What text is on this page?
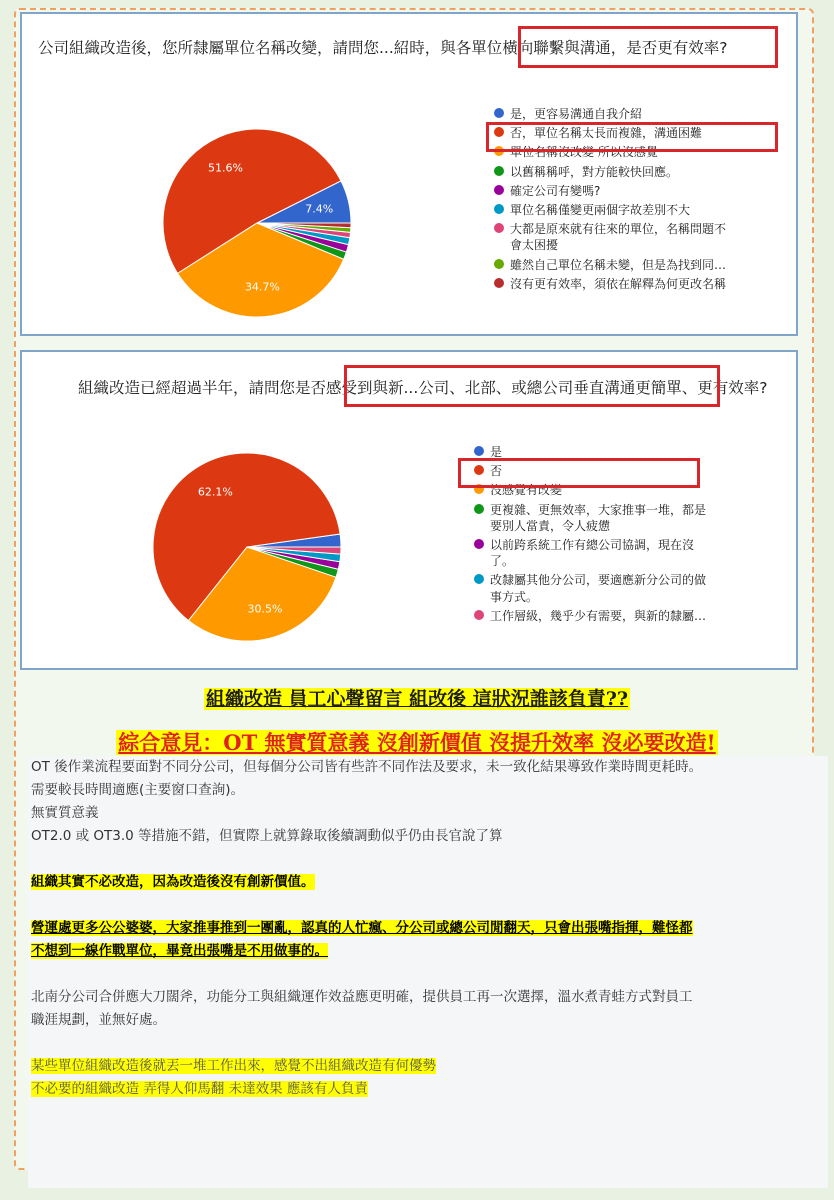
公司組織改造後，您所隸屬單位名稱改變，請問您...紹時，與各單位橫向聯繫與溝通，是否更有效率?
7.4%
51.6%
34.7%
是，更容易溝通自我介紹
否，單位名稱太長而複雜，溝通困難
單位名稱沒改變 所以沒感覺
以舊稱稱呼，對方能較快回應。
確定公司有變嗎?
單位名稱僅變更兩個字故差別不大
大都是原來就有往來的單位，名稱問題不
會太困擾
雖然自己單位名稱未變，但是為找到同…
沒有更有效率，須依在解釋為何更改名稱
組織改造已經超過半年，請問您是否感受到與新...公司、北部、或總公司垂直溝通更簡單、更有效率?
62.1%
30.5%
是
否
沒感覺有改變
更複雜、更無效率，大家推事一堆，都是
要別人當責，令人疲憊
以前跨系統工作有總公司協調，現在沒
了。
改隸屬其他分公司，要適應新分公司的做
事方式。
工作層級，幾乎少有需要，與新的隸屬…
組織改造 員工心聲留言 組改後 這狀況誰該負責??
綜合意見：OT 無實質意義 沒創新價值 沒提升效率 沒必要改造!

OT 後作業流程要面對不同分公司，但每個分公司皆有些許不同作法及要求，未一致化結果導致作業時間更耗時。

需要較長時間適應(主要窗口查詢)。

無實質意義

OT2.0 或 OT3.0 等措施不錯，但實際上就算錄取後續調動似乎仍由長官說了算

組織其實不必改造，因為改造後沒有創新價值。

營運處更多公公婆婆，大家推事推到一團亂，認真的人忙瘋、分公司或總公司閒翻天，只會出張嘴指揮，難怪都

不想到一線作戰單位，畢竟出張嘴是不用做事的。

北南分公司合併應大刀闊斧，功能分工與組織運作效益應更明確，提供員工再一次選擇，溫水煮青蛙方式對員工

職涯規劃，並無好處。

某些單位組織改造後就丟一堆工作出來，感覺不出組織改造有何優勢

不必要的組織改造 弄得人仰馬翻 未達效果 應該有人負責
